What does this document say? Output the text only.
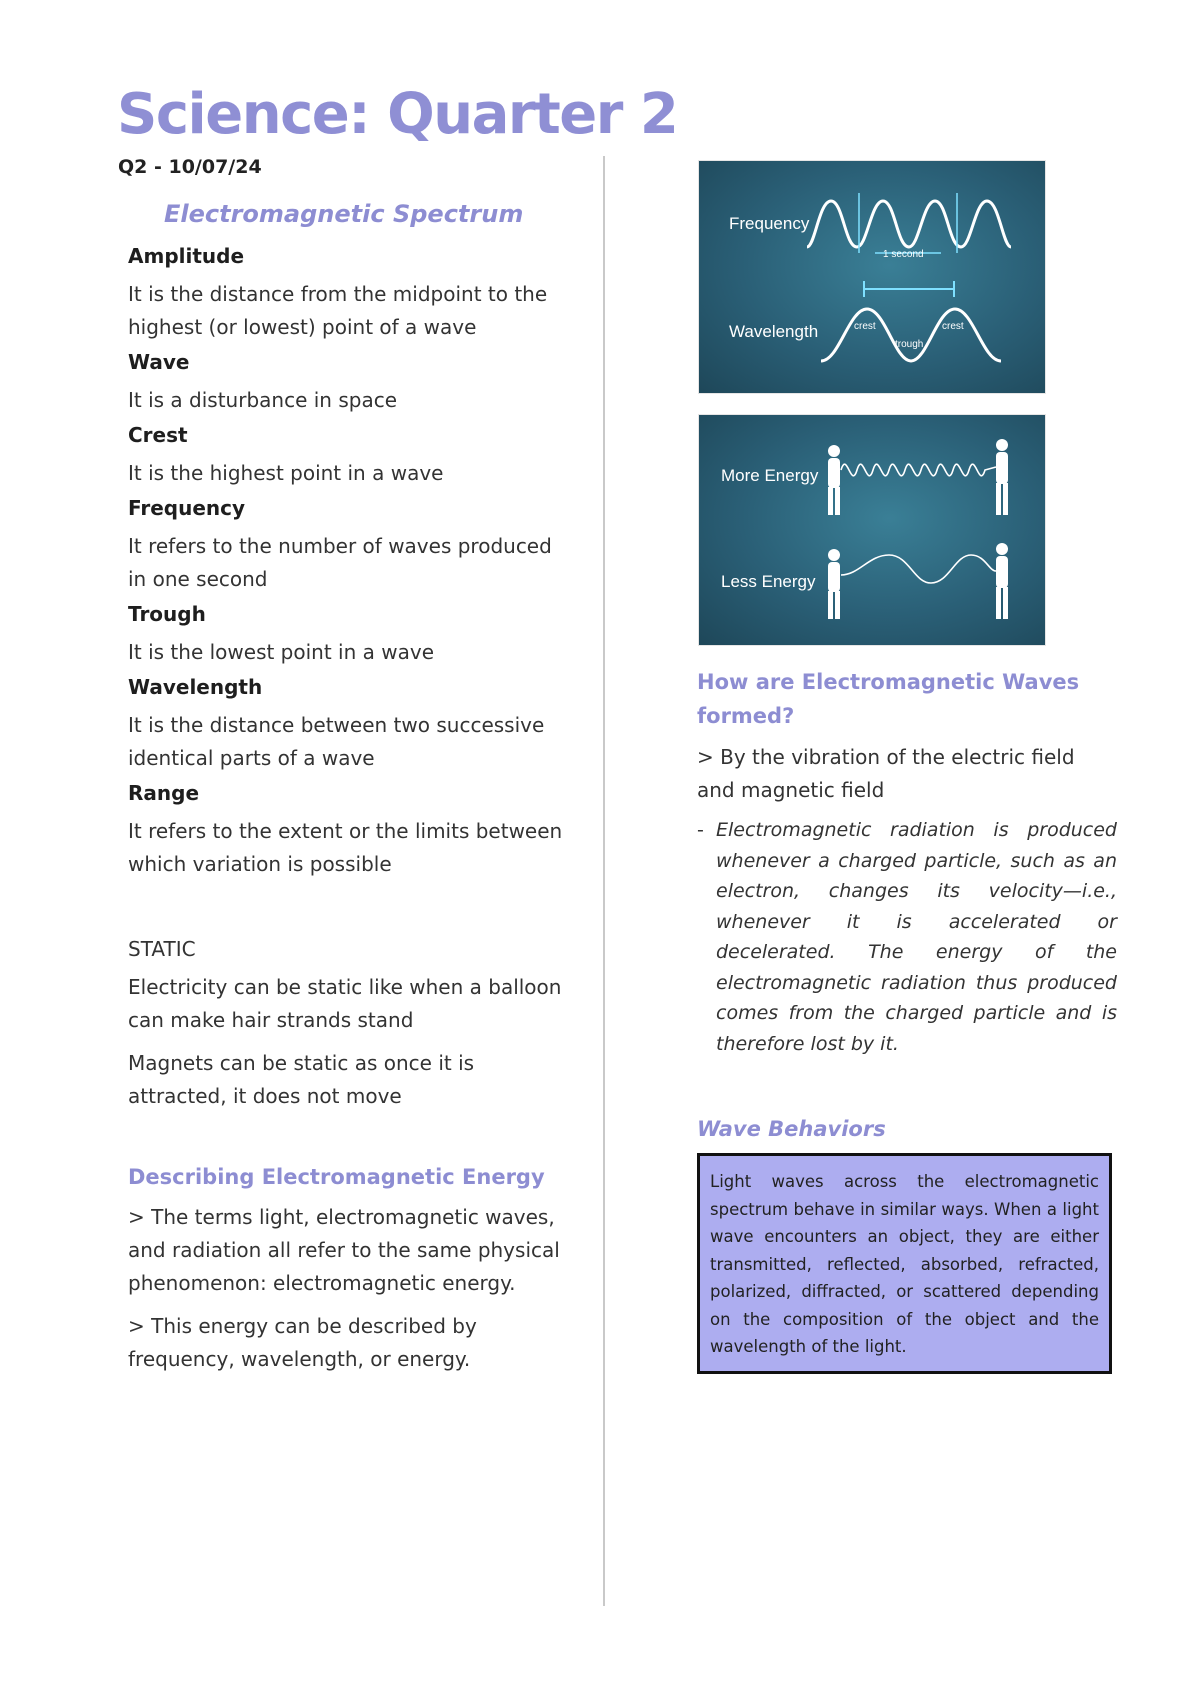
Science: Quarter 2
Q2 - 10/07/24
Electromagnetic Spectrum
Amplitude
It is the distance from the midpoint to the highest (or lowest) point of a wave
Wave
It is a disturbance in space
Crest
It is the highest point in a wave
Frequency
It refers to the number of waves produced in one second
Trough
It is the lowest point in a wave
Wavelength
It is the distance between two successive identical parts of a wave
Range
It refers to the extent or the limits between which variation is possible
STATIC
Electricity can be static like when a balloon can make hair strands stand
Magnets can be static as once it is attracted, it does not move
Describing Electromagnetic Energy
> The terms light, electromagnetic waves, and radiation all refer to the same physical phenomenon: electromagnetic energy.
> This energy can be described by frequency, wavelength, or energy.
Frequency
1 second
Wavelength	crest
trough
crest
More Energy
Less Energy
How are Electromagnetic Waves formed?
> By the vibration of the electric field and magnetic field

- Electromagnetic radiation is produced whenever a charged particle, such as an electron, changes its velocity—i.e., whenever it is accelerated or decelerated. The energy of the electromagnetic radiation thus produced comes from the charged particle and is therefore lost by it.

Wave Behaviors
Light waves across the electromagnetic spectrum behave in similar ways. When a light wave encounters an object, they are either transmitted, reflected, absorbed, refracted, polarized, diffracted, or scattered depending on the composition of the object and the wavelength of the light.
